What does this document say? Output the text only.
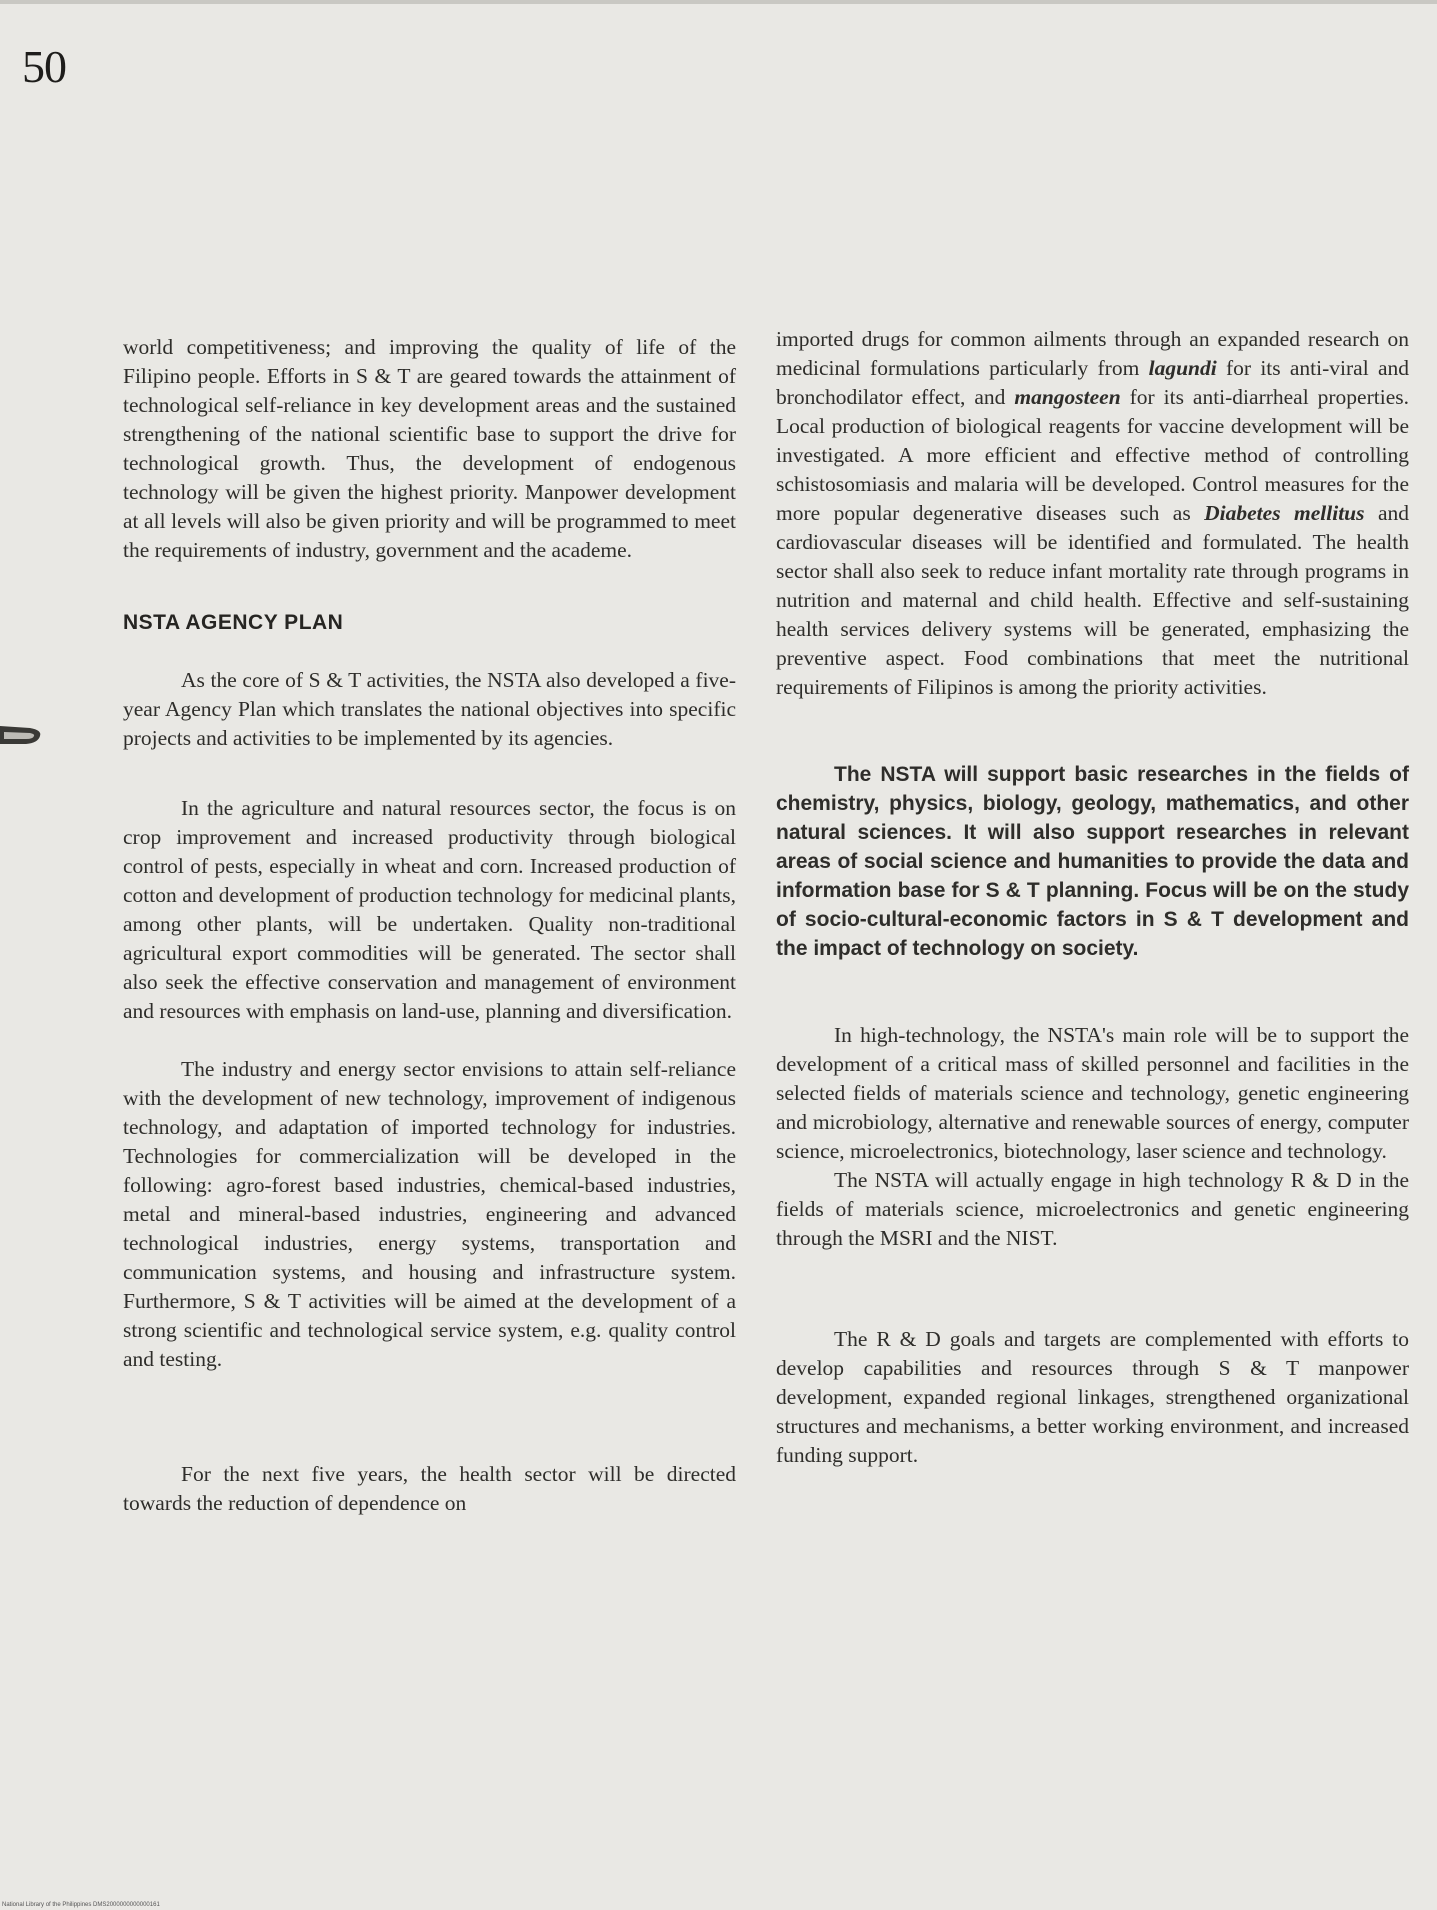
50

world competitiveness; and improving the quality of life of the Filipino people. Efforts in S & T are geared towards the attainment of technological self-reliance in key development areas and the sustained strengthening of the national scientific base to support the drive for technological growth. Thus, the development of endogenous technology will be given the highest priority. Manpower development at all levels will also be given priority and will be programmed to meet the requirements of industry, government and the academe.

NSTA AGENCY PLAN

As the core of S & T activities, the NSTA also developed a five-year Agency Plan which translates the national objectives into specific projects and activities to be implemented by its agencies.

In the agriculture and natural resources sector, the focus is on crop improvement and increased productivity through biological control of pests, especially in wheat and corn. Increased production of cotton and development of production technology for medicinal plants, among other plants, will be undertaken. Quality non-traditional agricultural export commodities will be generated. The sector shall also seek the effective conservation and management of environment and resources with emphasis on land-use, planning and diversification.

The industry and energy sector envisions to attain self-reliance with the development of new technology, improvement of indigenous technology, and adaptation of imported technology for industries. Technologies for commercialization will be developed in the following: agro-forest based industries, chemical-based industries, metal and mineral-based industries, engineering and advanced technological industries, energy systems, transportation and communication systems, and housing and infrastructure system. Furthermore, S & T activities will be aimed at the development of a strong scientific and technological service system, e.g. quality control and testing.

For the next five years, the health sector will be directed towards the reduction of dependence on

imported drugs for common ailments through an expanded research on medicinal formulations particularly from lagundi for its anti-viral and bronchodilator effect, and mangosteen for its anti-diarrheal properties. Local production of biological reagents for vaccine development will be investigated. A more efficient and effective method of controlling schistosomiasis and malaria will be developed. Control measures for the more popular degenerative diseases such as Diabetes mellitus and cardiovascular diseases will be identified and formulated. The health sector shall also seek to reduce infant mortality rate through programs in nutrition and maternal and child health. Effective and self-sustaining health services delivery systems will be generated, emphasizing the preventive aspect. Food combinations that meet the nutritional requirements of Filipinos is among the priority activities.

The NSTA will support basic researches in the fields of chemistry, physics, biology, geology, mathematics, and other natural sciences. It will also support researches in relevant areas of social science and humanities to provide the data and information base for S & T planning. Focus will be on the study of socio-cultural-economic factors in S & T development and the impact of technology on society.

In high-technology, the NSTA's main role will be to support the development of a critical mass of skilled personnel and facilities in the selected fields of materials science and technology, genetic engineering and microbiology, alternative and renewable sources of energy, computer science, microelectronics, biotechnology, laser science and technology.

The NSTA will actually engage in high technology R & D in the fields of materials science, microelectronics and genetic engineering through the MSRI and the NIST.

The R & D goals and targets are complemented with efforts to develop capabilities and resources through S & T manpower development, expanded regional linkages, strengthened organizational structures and mechanisms, a better working environment, and increased funding support.

National Library of the Philippines DMS2000000000000161
